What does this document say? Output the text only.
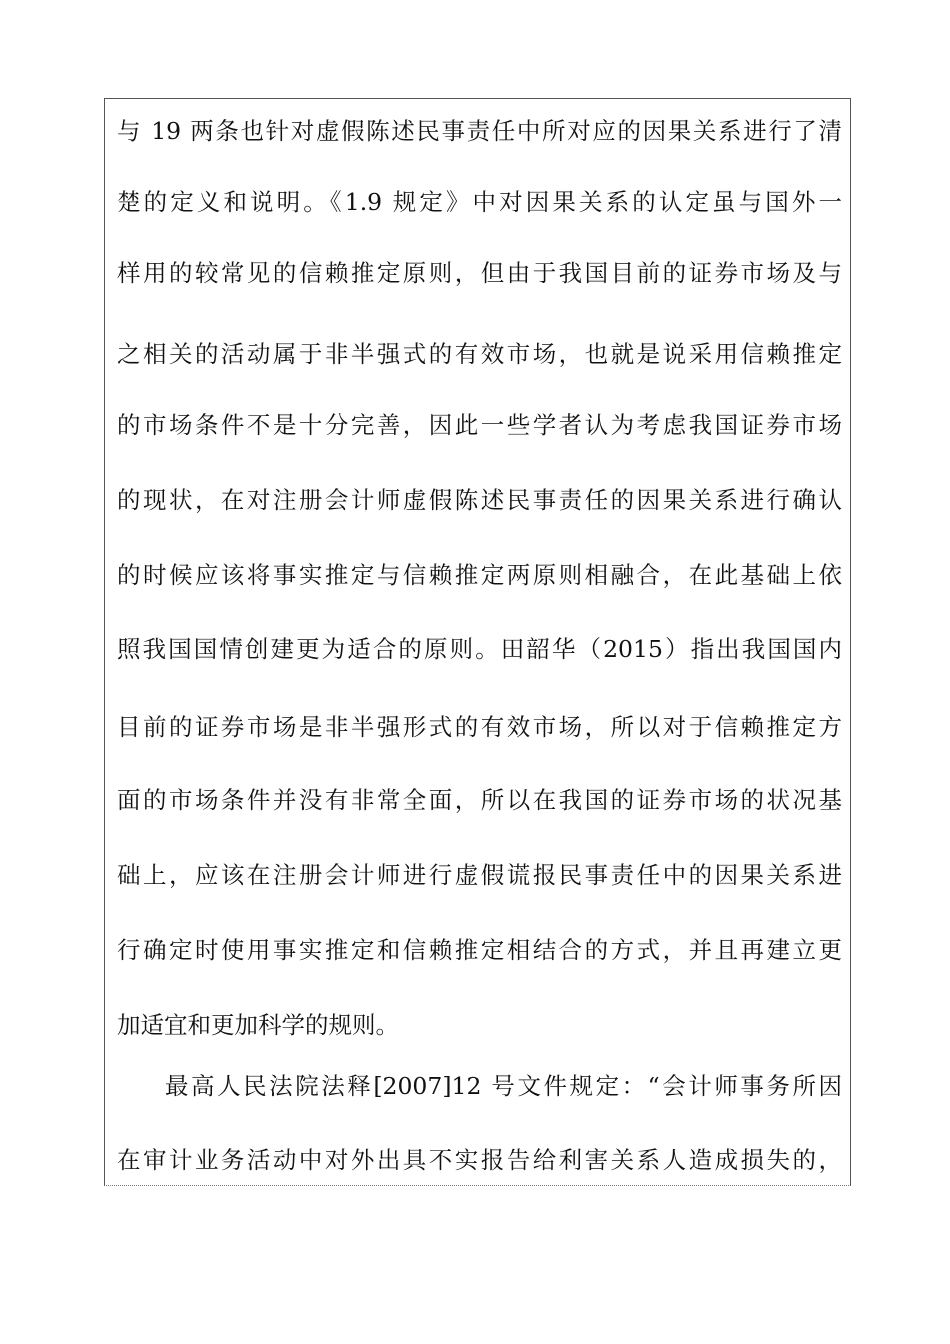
与 19 两条也针对虚假陈述民事责任中所对应的因果关系进行了清
楚的定义和说明。《1.9 规定》中对因果关系的认定虽与国外一
样用的较常见的信赖推定原则，但由于我国目前的证券市场及与
之相关的活动属于非半强式的有效市场，也就是说采用信赖推定
的市场条件不是十分完善，因此一些学者认为考虑我国证券市场
的现状，在对注册会计师虚假陈述民事责任的因果关系进行确认
的时候应该将事实推定与信赖推定两原则相融合，在此基础上依
照我国国情创建更为适合的原则。田韶华（2015）指出我国国内
目前的证券市场是非半强形式的有效市场，所以对于信赖推定方
面的市场条件并没有非常全面，所以在我国的证券市场的状况基
础上，应该在注册会计师进行虚假谎报民事责任中的因果关系进
行确定时使用事实推定和信赖推定相结合的方式，并且再建立更
加适宜和更加科学的规则。
最高人民法院法释[2007]12 号文件规定：“会计师事务所因
在审计业务活动中对外出具不实报告给利害关系人造成损失的，
